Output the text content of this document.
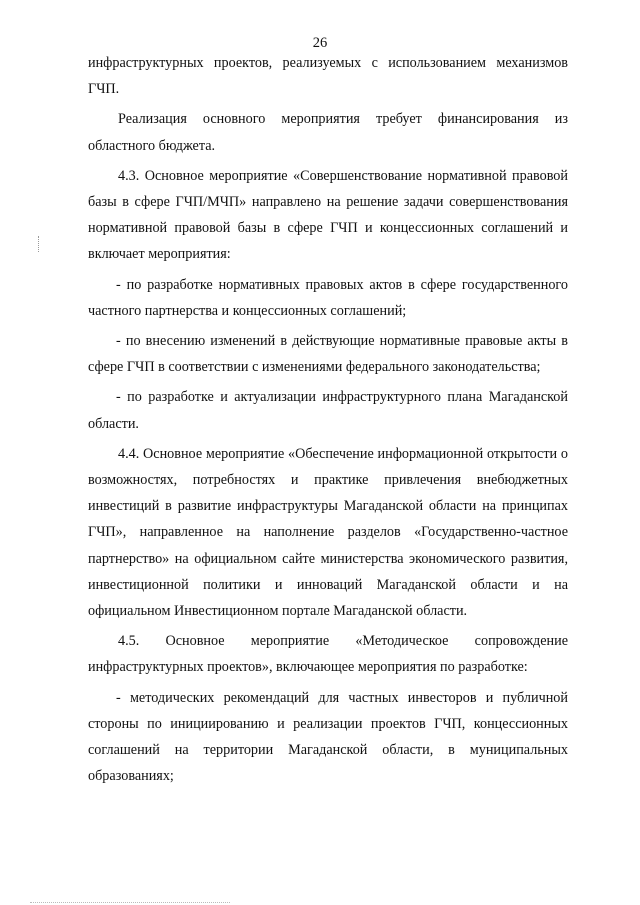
26

инфраструктурных проектов, реализуемых с использованием механизмов ГЧП.

Реализация основного мероприятия требует финансирования из областного бюджета.

4.3. Основное мероприятие «Совершенствование нормативной правовой базы в сфере ГЧП/МЧП» направлено на решение задачи совершенствования нормативной правовой базы в сфере ГЧП и концессионных соглашений и включает мероприятия:

- по разработке нормативных правовых актов в сфере государственного частного партнерства и концессионных соглашений;

- по внесению изменений в действующие нормативные правовые акты в сфере ГЧП в соответствии с изменениями федерального законодательства;

- по разработке и актуализации инфраструктурного плана Магаданской области.

4.4. Основное мероприятие «Обеспечение информационной открытости о возможностях, потребностях и практике привлечения внебюджетных инвестиций в развитие инфраструктуры Магаданской области на принципах ГЧП», направленное на наполнение разделов «Государственно-частное партнерство» на официальном сайте министерства экономического развития, инвестиционной политики и инноваций Магаданской области и на официальном Инвестиционном портале Магаданской области.

4.5. Основное мероприятие «Методическое сопровождение инфраструктурных проектов», включающее мероприятия по разработке:

- методических рекомендаций для частных инвесторов и публичной стороны по инициированию и реализации проектов ГЧП, концессионных соглашений на территории Магаданской области, в муниципальных образованиях;
